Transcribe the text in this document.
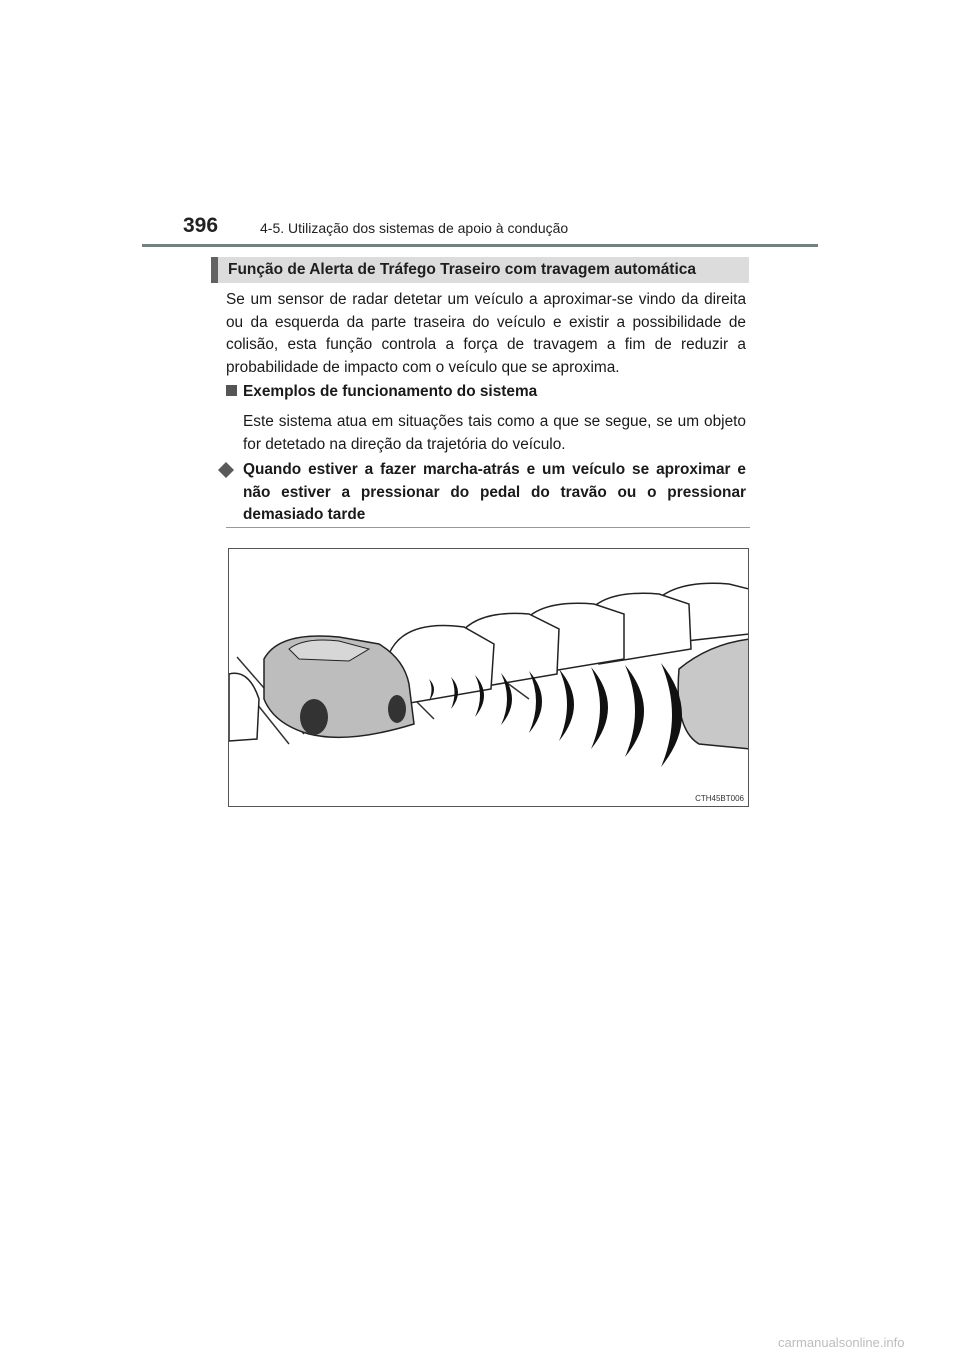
396	4-5. Utilização dos sistemas de apoio à condução
Função de Alerta de Tráfego Traseiro com travagem automática
Se um sensor de radar detetar um veículo a aproximar-se vindo da direita ou da esquerda da parte traseira do veículo e existir a possibilidade de colisão, esta função controla a força de travagem a fim de reduzir a probabilidade de impacto com o veículo que se aproxima.
Exemplos de funcionamento do sistema
Este sistema atua em situações tais como a que se segue, se um objeto for detetado na direção da trajetória do veículo.
Quando estiver a fazer marcha-atrás e um veículo se aproximar e não estiver a pressionar do pedal do travão ou o pressionar demasiado tarde
CTH45BT006
carmanualsonline.info
